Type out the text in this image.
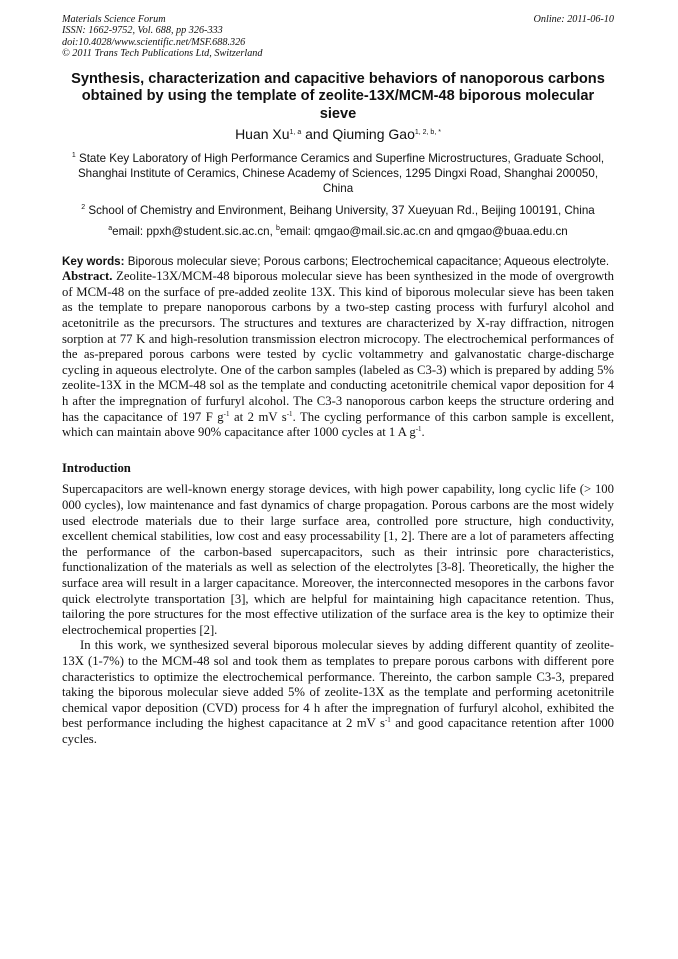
Materials Science Forum
ISSN: 1662-9752, Vol. 688, pp 326-333
doi:10.4028/www.scientific.net/MSF.688.326
© 2011 Trans Tech Publications Ltd, Switzerland
Online: 2011-06-10
Synthesis, characterization and capacitive behaviors of nanoporous carbons obtained by using the template of zeolite-13X/MCM-48 biporous molecular sieve
Huan Xu$^{1, a}$ and Qiuming Gao$^{1, 2, b, *}$
$^1$ State Key Laboratory of High Performance Ceramics and Superfine Microstructures, Graduate School, Shanghai Institute of Ceramics, Chinese Academy of Sciences, 1295 Dingxi Road, Shanghai 200050, China
$^2$ School of Chemistry and Environment, Beihang University, 37 Xueyuan Rd., Beijing 100191, China
$^a$email: ppxh@student.sic.ac.cn, $^b$email: qmgao@mail.sic.ac.cn and qmgao@buaa.edu.cn
Key words: Biporous molecular sieve; Porous carbons; Electrochemical capacitance; Aqueous electrolyte.

Abstract. Zeolite-13X/MCM-48 biporous molecular sieve has been synthesized in the mode of overgrowth of MCM-48 on the surface of pre-added zeolite 13X. This kind of biporous molecular sieve has been taken as the template to prepare nanoporous carbons by a two-step casting process with furfuryl alcohol and acetonitrile as the precursors. The structures and textures are characterized by X-ray diffraction, nitrogen sorption at 77 K and high-resolution transmission electron microcopy. The electrochemical performances of the as-prepared porous carbons were tested by cyclic voltammetry and galvanostatic charge-discharge cycling in aqueous electrolyte. One of the carbon samples (labeled as C3-3) which is prepared by adding 5% zeolite-13X in the MCM-48 sol as the template and conducting acetonitrile chemical vapor deposition for 4 h after the impregnation of furfuryl alcohol. The C3-3 nanoporous carbon keeps the structure ordering and has the capacitance of 197 F $g^{-1}$ at 2 mV $s^{-1}$. The cycling performance of this carbon sample is excellent, which can maintain above 90% capacitance after 1000 cycles at 1 A $g^{-1}$.

Introduction

Supercapacitors are well-known energy storage devices, with high power capability, long cyclic life (> 100 000 cycles), low maintenance and fast dynamics of charge propagation. Porous carbons are the most widely used electrode materials due to their large surface area, controlled pore structure, high conductivity, excellent chemical stabilities, low cost and easy processability [1, 2]. There are a lot of parameters affecting the performance of the carbon-based supercapacitors, such as their intrinsic pore characteristics, functionalization of the materials as well as selection of the electrolytes [3-8]. Theoretically, the higher the surface area will result in a larger capacitance. Moreover, the interconnected mesopores in the carbons favor quick electrolyte transportation [3], which are helpful for maintaining high capacitance retention. Thus, tailoring the pore structures for the most effective utilization of the surface area is the key to optimize their electrochemical properties [2].

In this work, we synthesized several biporous molecular sieves by adding different quantity of zeolite-13X (1-7%) to the MCM-48 sol and took them as templates to prepare porous carbons with different pore characteristics to optimize the electrochemical performance. Thereinto, the carbon sample C3-3, prepared taking the biporous molecular sieve added 5% of zeolite-13X as the template and performing acetonitrile chemical vapor deposition (CVD) process for 4 h after the impregnation of furfuryl alcohol, exhibited the best performance including the highest capacitance at 2 mV $s^{-1}$ and good capacitance retention after 1000 cycles.
